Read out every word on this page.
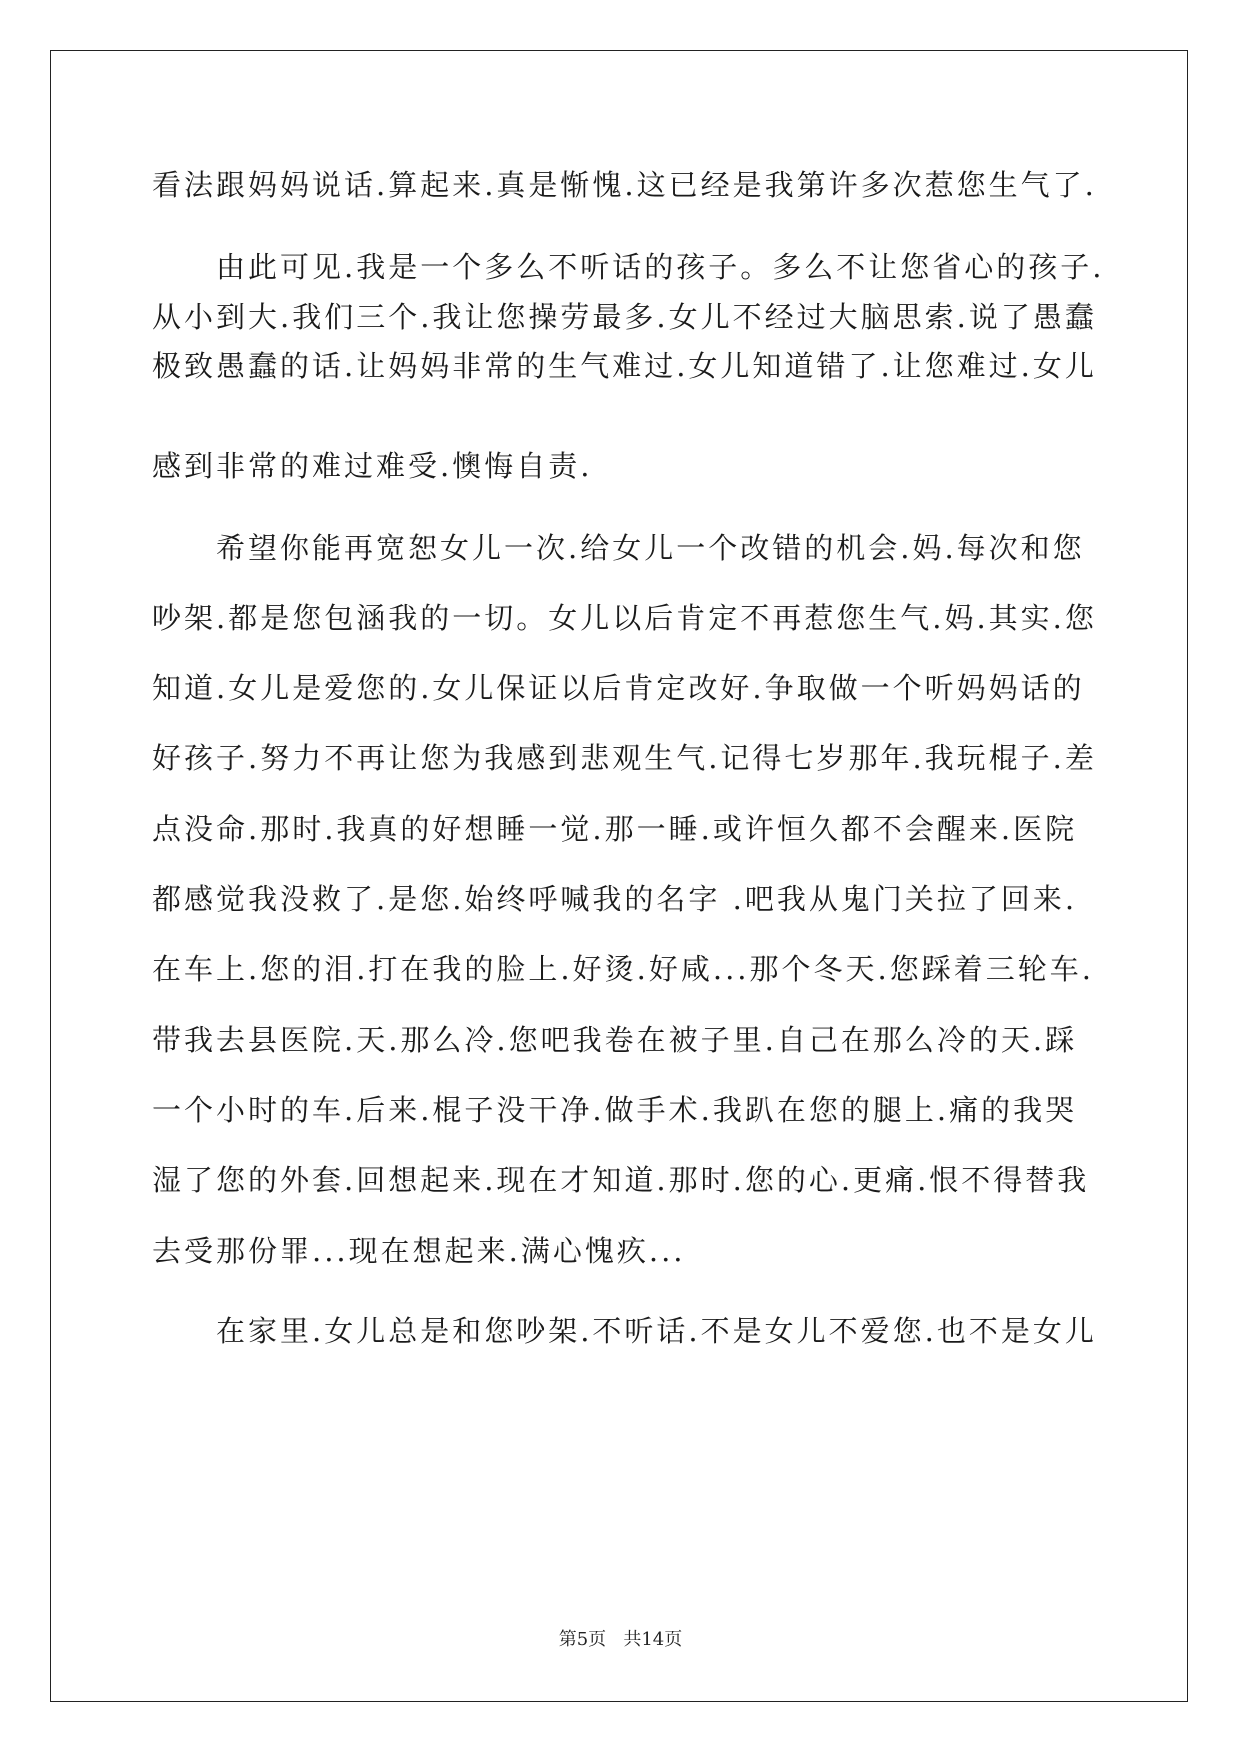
看法跟妈妈说话.算起来.真是惭愧.这已经是我第许多次惹您生气了.
由此可见.我是一个多么不听话的孩子。多么不让您省心的孩子.
从小到大.我们三个.我让您操劳最多.女儿不经过大脑思索.说了愚蠢
极致愚蠢的话.让妈妈非常的生气难过.女儿知道错了.让您难过.女儿
感到非常的难过难受.懊悔自责.
希望你能再宽恕女儿一次.给女儿一个改错的机会.妈.每次和您
吵架.都是您包涵我的一切。女儿以后肯定不再惹您生气.妈.其实.您
知道.女儿是爱您的.女儿保证以后肯定改好.争取做一个听妈妈话的
好孩子.努力不再让您为我感到悲观生气.记得七岁那年.我玩棍子.差
点没命.那时.我真的好想睡一觉.那一睡.或许恒久都不会醒来.医院
都感觉我没救了.是您.始终呼喊我的名字 .吧我从鬼门关拉了回来.
在车上.您的泪.打在我的脸上.好烫.好咸...那个冬天.您踩着三轮车.
带我去县医院.天.那么冷.您吧我卷在被子里.自己在那么冷的天.踩
一个小时的车.后来.棍子没干净.做手术.我趴在您的腿上.痛的我哭
湿了您的外套.回想起来.现在才知道.那时.您的心.更痛.恨不得替我
去受那份罪...现在想起来.满心愧疚...
在家里.女儿总是和您吵架.不听话.不是女儿不爱您.也不是女儿
第5页   共14页
